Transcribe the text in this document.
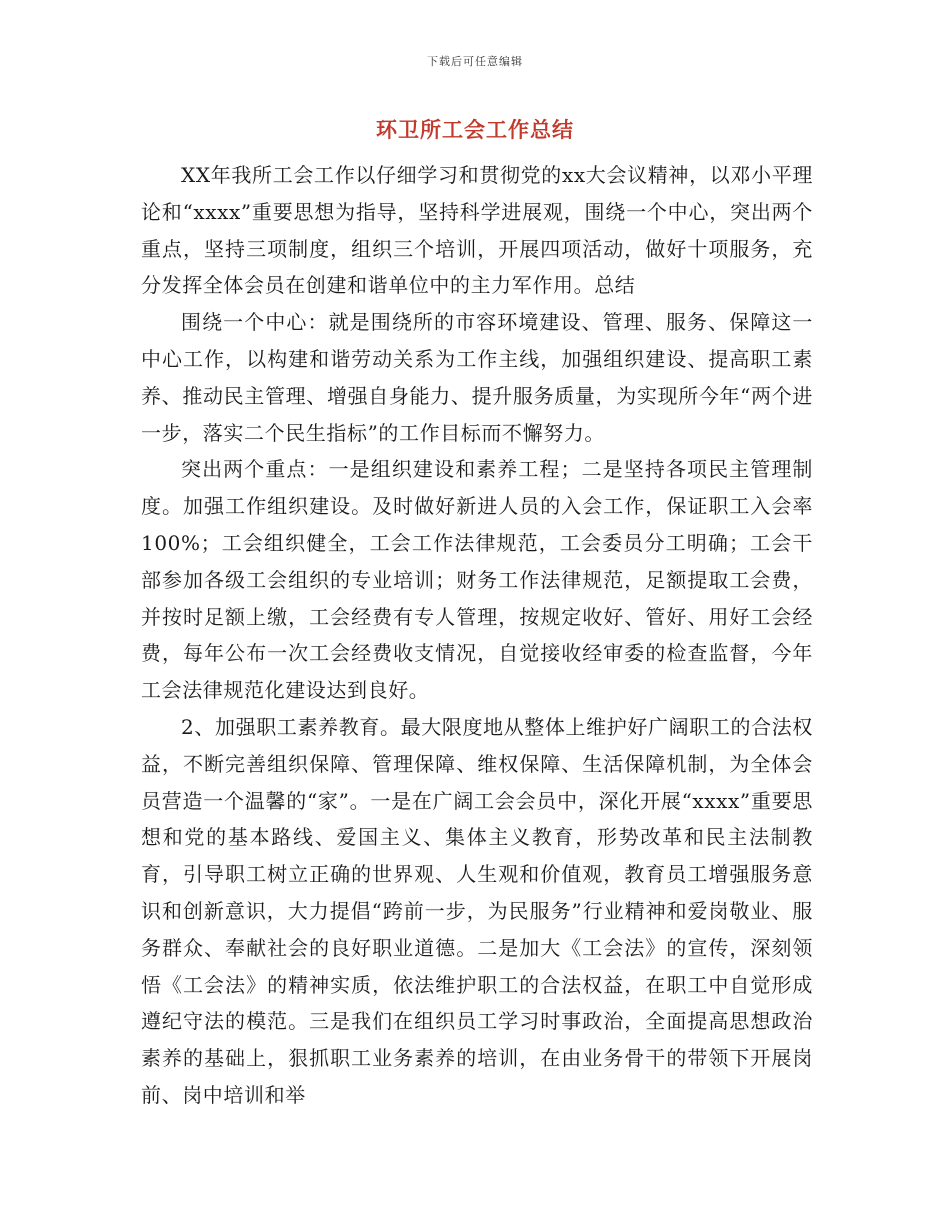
下载后可任意编辑
环卫所工会工作总结

XX年我所工会工作以仔细学习和贯彻党的xx大会议精神，以邓小平理论和“xxxx”重要思想为指导，坚持科学进展观，围绕一个中心，突出两个重点，坚持三项制度，组织三个培训，开展四项活动，做好十项服务，充分发挥全体会员在创建和谐单位中的主力军作用。总结

围绕一个中心：就是围绕所的市容环境建设、管理、服务、保障这一中心工作，以构建和谐劳动关系为工作主线，加强组织建设、提高职工素养、推动民主管理、增强自身能力、提升服务质量，为实现所今年“两个进一步，落实二个民生指标”的工作目标而不懈努力。

突出两个重点：一是组织建设和素养工程；二是坚持各项民主管理制度。加强工作组织建设。及时做好新进人员的入会工作，保证职工入会率100%；工会组织健全，工会工作法律规范，工会委员分工明确；工会干部参加各级工会组织的专业培训；财务工作法律规范，足额提取工会费，并按时足额上缴，工会经费有专人管理，按规定收好、管好、用好工会经费，每年公布一次工会经费收支情况，自觉接收经审委的检查监督，今年工会法律规范化建设达到良好。

2、加强职工素养教育。最大限度地从整体上维护好广阔职工的合法权益，不断完善组织保障、管理保障、维权保障、生活保障机制，为全体会员营造一个温馨的“家”。一是在广阔工会会员中，深化开展“xxxx”重要思想和党的基本路线、爱国主义、集体主义教育，形势改革和民主法制教育，引导职工树立正确的世界观、人生观和价值观，教育员工增强服务意识和创新意识，大力提倡“跨前一步，为民服务”行业精神和爱岗敬业、服务群众、奉献社会的良好职业道德。二是加大《工会法》的宣传，深刻领悟《工会法》的精神实质，依法维护职工的合法权益，在职工中自觉形成遵纪守法的模范。三是我们在组织员工学习时事政治，全面提高思想政治素养的基础上，狠抓职工业务素养的培训，在由业务骨干的带领下开展岗前、岗中培训和举
